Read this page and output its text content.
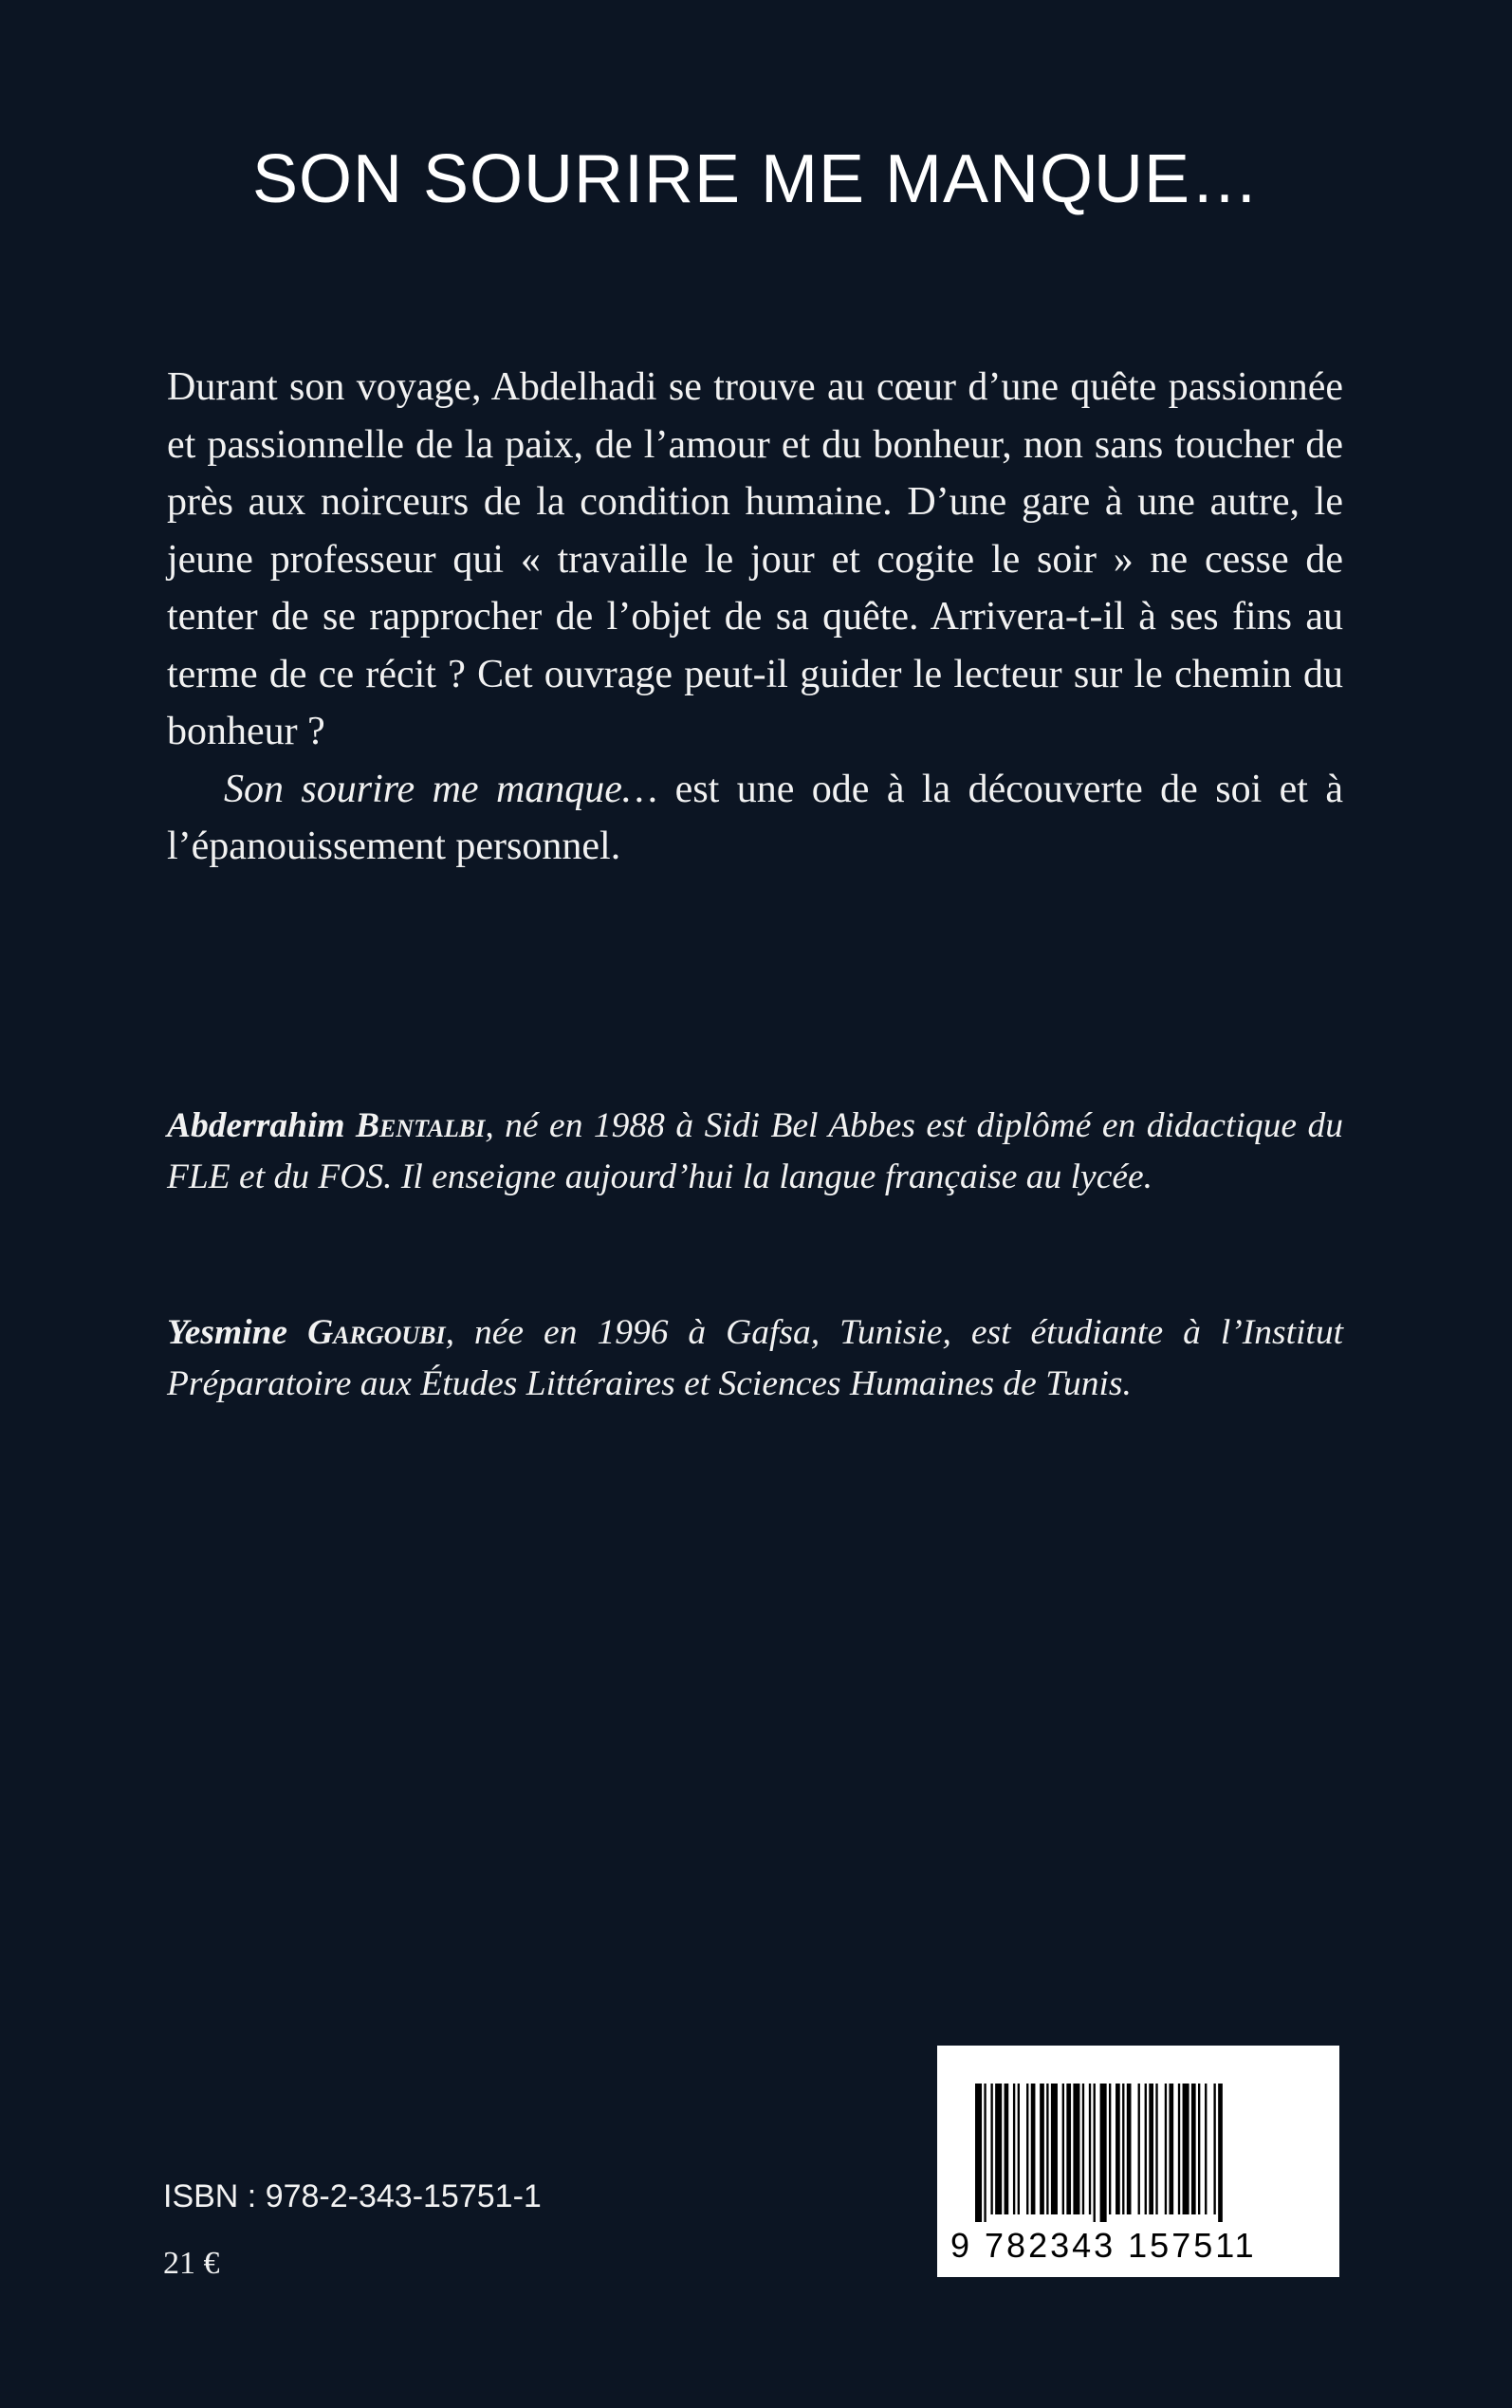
SON SOURIRE ME MANQUE…

Durant son voyage, Abdelhadi se trouve au cœur d’une quête passionnée et passionnelle de la paix, de l’amour et du bonheur, non sans toucher de près aux noirceurs de la condition humaine. D’une gare à une autre, le jeune professeur qui « travaille le jour et cogite le soir » ne cesse de tenter de se rapprocher de l’objet de sa quête. Arrivera-t-il à ses fins au terme de ce récit ? Cet ouvrage peut-il guider le lecteur sur le chemin du bonheur ?

Son sourire me manque… est une ode à la découverte de soi et à l’épanouissement personnel.

Abderrahim Bentalbi, né en 1988 à Sidi Bel Abbes est diplômé en didactique du FLE et du FOS. Il enseigne aujourd’hui la langue française au lycée.

Yesmine Gargoubi, née en 1996 à Gafsa, Tunisie, est étudiante à l’Institut Préparatoire aux Études Littéraires et Sciences Humaines de Tunis.

ISBN : 978-2-343-15751-1

21 €	9 782343 157511
